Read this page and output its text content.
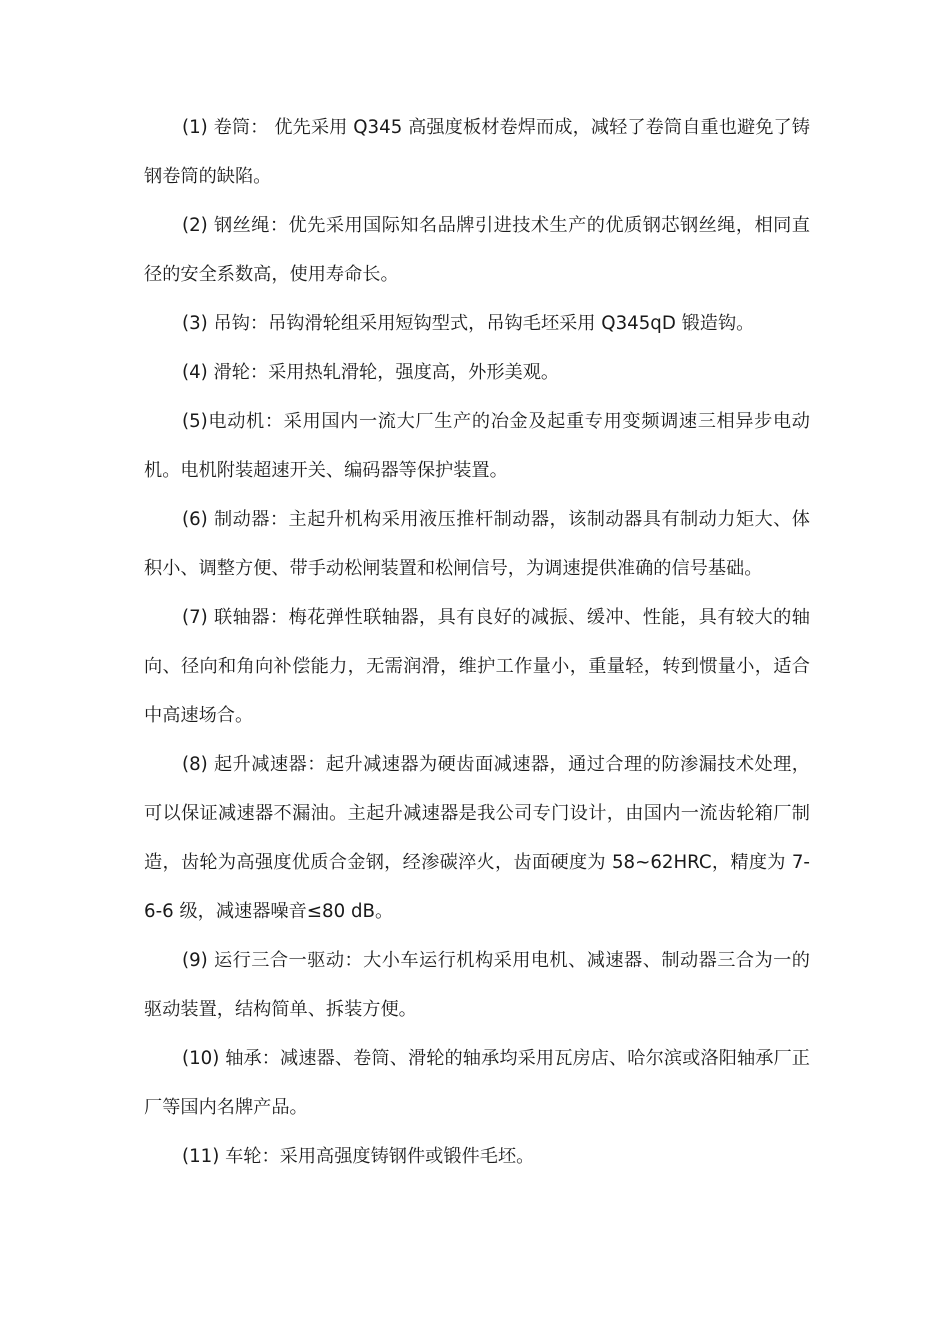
(1) 卷筒： 优先采用 Q345 高强度板材卷焊而成，减轻了卷筒自重也避免了铸钢卷筒的缺陷。

(2) 钢丝绳：优先采用国际知名品牌引进技术生产的优质钢芯钢丝绳，相同直径的安全系数高，使用寿命长。

(3) 吊钩：吊钩滑轮组采用短钩型式，吊钩毛坯采用 Q345qD 锻造钩。

(4) 滑轮：采用热轧滑轮，强度高，外形美观。

(5)电动机：采用国内一流大厂生产的冶金及起重专用变频调速三相异步电动机。电机附装超速开关、编码器等保护装置。

(6) 制动器：主起升机构采用液压推杆制动器，该制动器具有制动力矩大、体积小、调整方便、带手动松闸装置和松闸信号，为调速提供准确的信号基础。

(7) 联轴器：梅花弹性联轴器，具有良好的减振、缓冲、性能，具有较大的轴向、径向和角向补偿能力，无需润滑，维护工作量小，重量轻，转到惯量小，适合中高速场合。

(8) 起升减速器：起升减速器为硬齿面减速器，通过合理的防渗漏技术处理，可以保证减速器不漏油。主起升减速器是我公司专门设计，由国内一流齿轮箱厂制造，齿轮为高强度优质合金钢，经渗碳淬火，齿面硬度为 58~62HRC，精度为 7-6-6 级，减速器噪音≤80 dB。

(9) 运行三合一驱动：大小车运行机构采用电机、减速器、制动器三合为一的驱动装置，结构简单、拆装方便。

(10) 轴承：减速器、卷筒、滑轮的轴承均采用瓦房店、哈尔滨或洛阳轴承厂正厂等国内名牌产品。

(11) 车轮：采用高强度铸钢件或锻件毛坯。
